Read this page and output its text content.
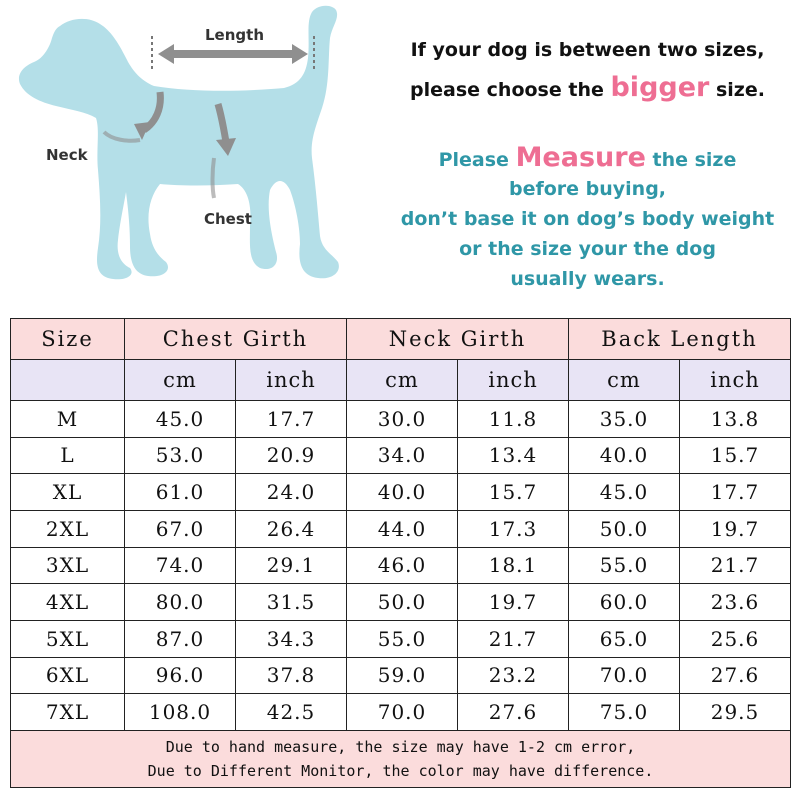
Length
Neck
Chest
If your dog is between two sizes,
please choose the bigger size.
Please Measure the size
before buying,
don’t base it on dog’s body weight
or the size your the dog
usually wears.
Size	Chest Girth		Neck Girth		Back Length	
	cm	inch	cm	inch	cm	inch
M	45.0	17.7	30.0	11.8	35.0	13.8
L	53.0	20.9	34.0	13.4	40.0	15.7
XL	61.0	24.0	40.0	15.7	45.0	17.7
2XL	67.0	26.4	44.0	17.3	50.0	19.7
3XL	74.0	29.1	46.0	18.1	55.0	21.7
4XL	80.0	31.5	50.0	19.7	60.0	23.6
5XL	87.0	34.3	55.0	21.7	65.0	25.6
6XL	96.0	37.8	59.0	23.2	70.0	27.6
7XL	108.0	42.5	70.0	27.6	75.0	29.5

Due to hand measure, the size may have 1-2 cm error,
Due to Different Monitor, the color may have difference.						
